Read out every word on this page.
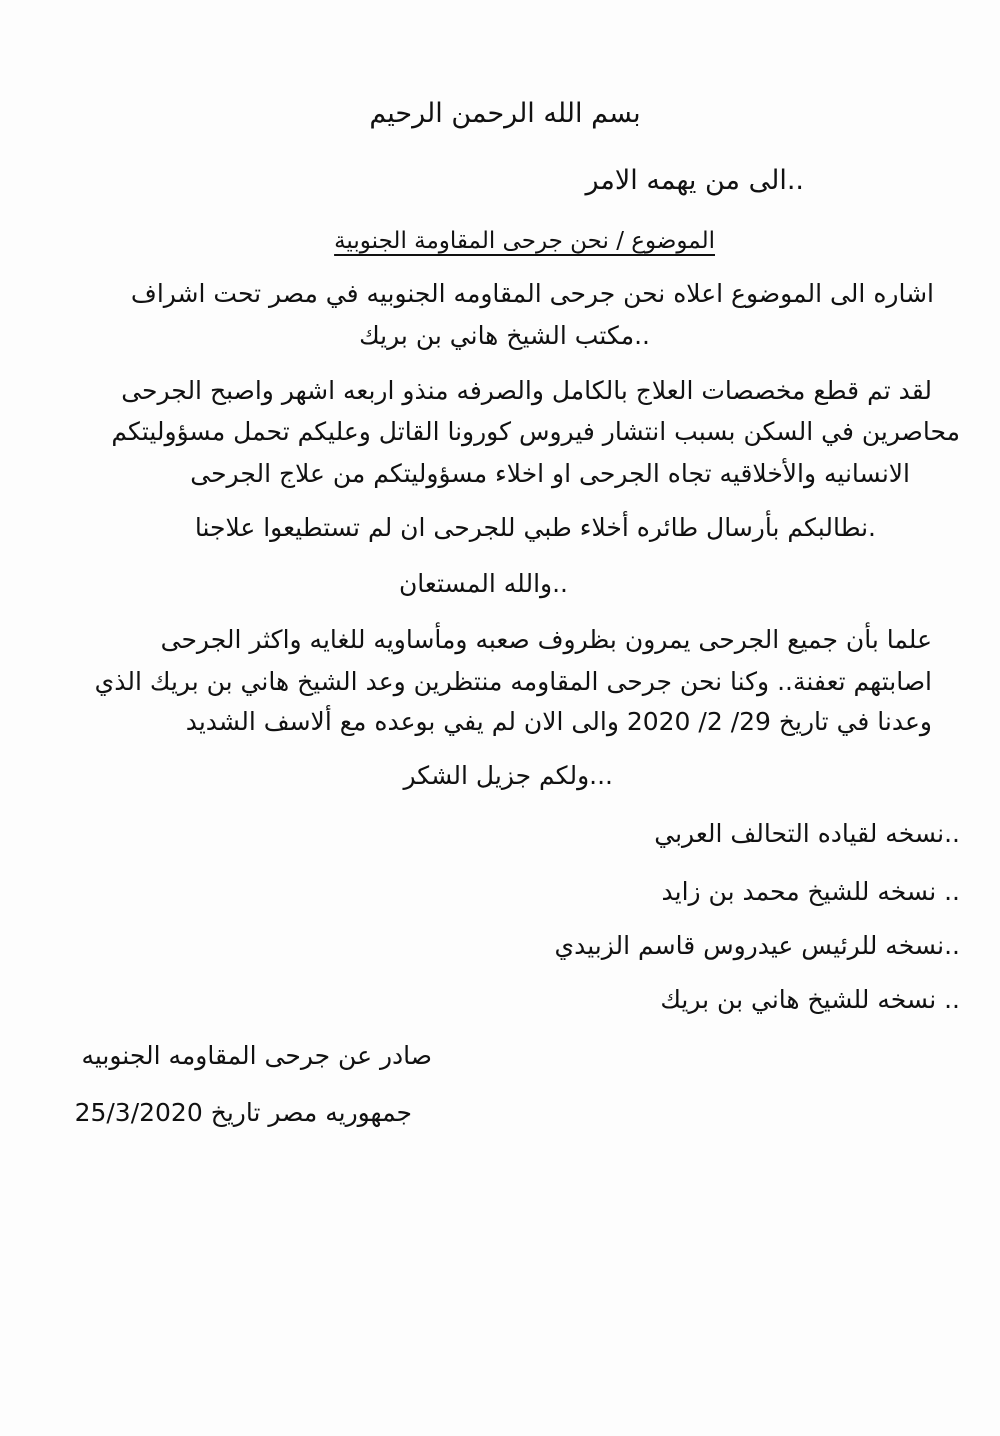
بسم الله الرحمن الرحيم
..الى من يهمه الامر
الموضوع / نحن جرحى المقاومة الجنوبية
اشاره الى الموضوع اعلاه نحن جرحى المقاومه الجنوبيه في مصر تحت اشراف
..مكتب الشيخ هاني بن بريك
لقد تم قطع مخصصات العلاج بالكامل والصرفه منذو اربعه اشهر واصبح الجرحى
محاصرين في السكن بسبب انتشار فيروس كورونا القاتل وعليكم تحمل مسؤوليتكم
الانسانيه والأخلاقيه تجاه الجرحى او اخلاء مسؤوليتكم من علاج الجرحى
.نطالبكم بأرسال طائره أخلاء طبي للجرحى ان لم تستطيعوا علاجنا
..والله المستعان
علما بأن جميع الجرحى يمرون بظروف صعبه ومأساويه للغايه واكثر الجرحى
اصابتهم تعفنة.. وكنا نحن جرحى المقاومه منتظرين وعد الشيخ هاني بن بريك الذي
وعدنا في تاريخ 29/ 2/ 2020 والى الان لم يفي بوعده مع ألاسف الشديد
...ولكم جزيل الشكر
..نسخه لقياده التحالف العربي
.. نسخه للشيخ محمد بن زايد
..نسخه للرئيس عيدروس قاسم الزبيدي
.. نسخه للشيخ هاني بن بريك
صادر عن جرحى المقاومه الجنوبيه
جمهوريه مصر تاريخ 25/3/2020
